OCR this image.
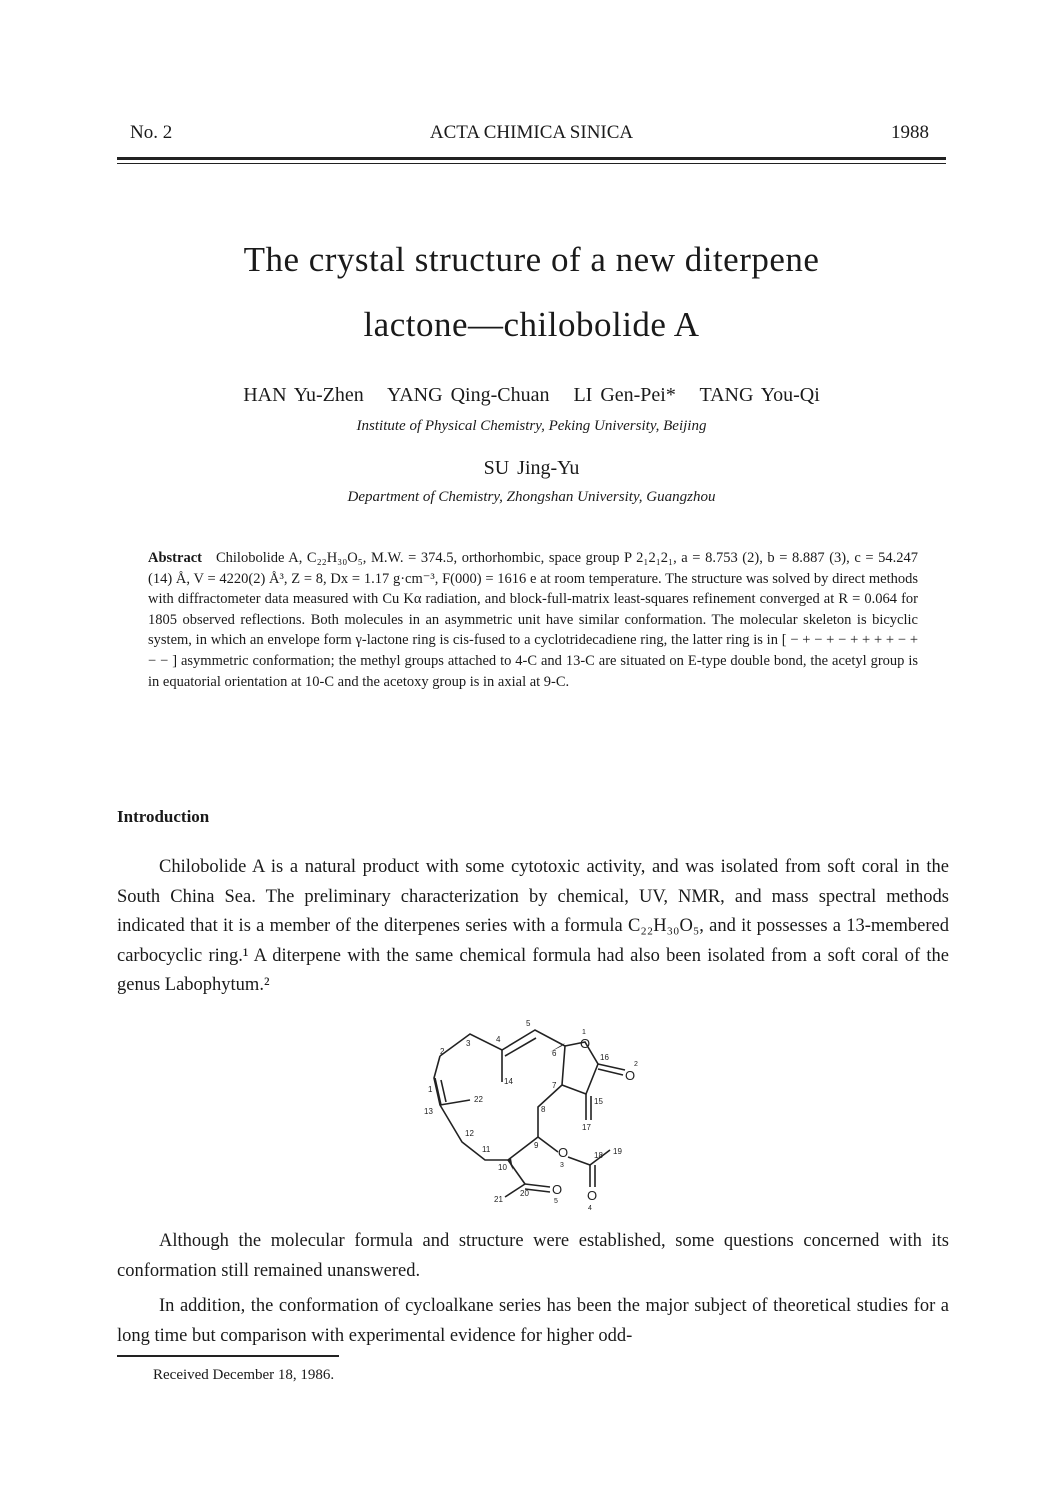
No. 2	ACTA CHIMICA SINICA	1988
The crystal structure of a new diterpene
lactone—chilobolide A
HAN Yu-Zhen   YANG Qing-Chuan   LI Gen-Pei*   TANG You-Qi
Institute of Physical Chemistry, Peking University, Beijing
SU Jing-Yu
Department of Chemistry, Zhongshan University, Guangzhou
Abstract Chilobolide A, C₂₂H₃₀O₅, M.W. = 374.5, orthorhombic, space group P 2₁2₁2₁, a = 8.753 (2), b = 8.887 (3), c = 54.247 (14) Å, V = 4220(2) Å³, Z = 8, Dx = 1.17 g·cm⁻³, F(000) = 1616 e at room temperature. The structure was solved by direct methods with diffractometer data measured with Cu Kα radiation, and block-full-matrix least-squares refinement converged at R = 0.064 for 1805 observed reflections. Both molecules in an asymmetric unit have similar conformation. The molecular skeleton is bicyclic system, in which an envelope form γ-lactone ring is cis-fused to a cyclotridecadiene ring, the latter ring is in [ − + − + − + + + + − + − − ] asymmetric conformation; the methyl groups attached to 4-C and 13-C are situated on E-type double bond, the acetyl group is in equatorial orientation at 10-C and the acetoxy group is in axial at 9-C.
Introduction
Chilobolide A is a natural product with some cytotoxic activity, and was isolated from soft coral in the South China Sea. The preliminary characterization by chemical, UV, NMR, and mass spectral methods indicated that it is a member of the diterpenes series with a formula C₂₂H₃₀O₅, and it possesses a 13-membered carbocyclic ring.¹ A diterpene with the same chemical formula had also been isolated from a soft coral of the genus Labophytum.²
1
2
3	4
5
6
7
8
9
10
11
12
13
14
15
16
17
18 19
20
21
22
O
O
O
O
O
1
2
3
4
5
Although the molecular formula and structure were established, some questions concerned with its conformation still remained unanswered.
In addition, the conformation of cycloalkane series has been the major subject of theoretical studies for a long time but comparison with experimental evidence for higher odd-
Received December 18, 1986.
